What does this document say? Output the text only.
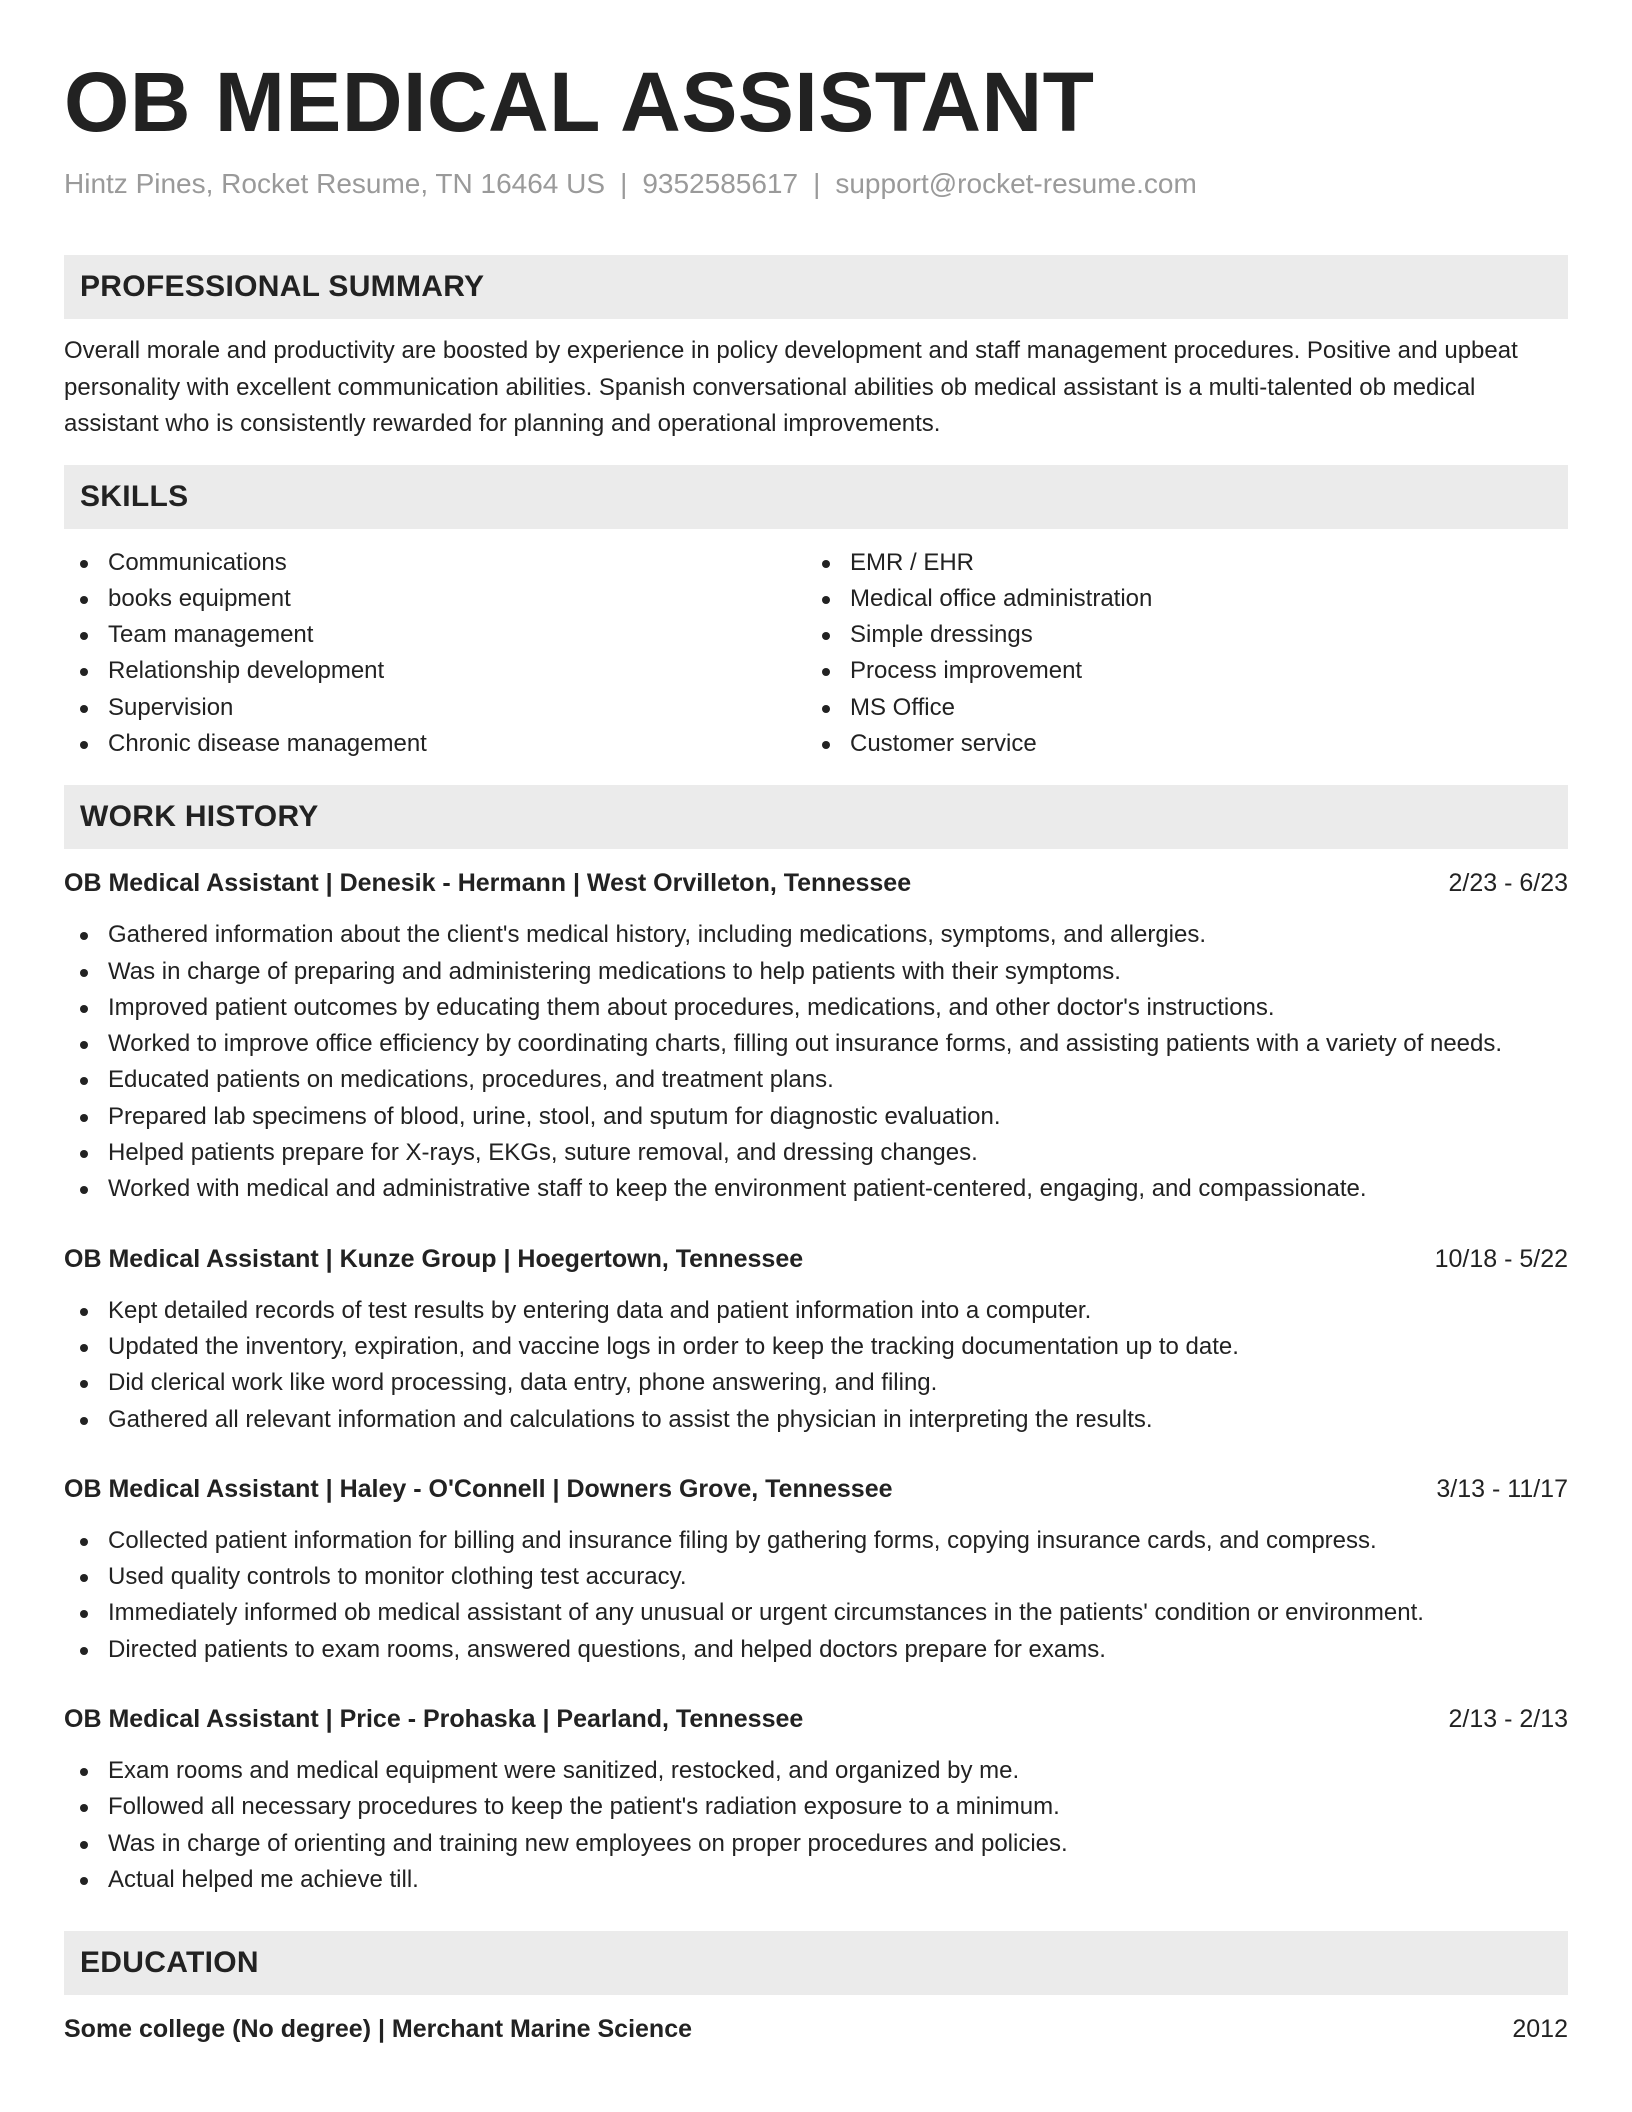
OB MEDICAL ASSISTANT
Hintz Pines, Rocket Resume, TN 16464 US | 9352585617 | support@rocket-resume.com
PROFESSIONAL SUMMARY
Overall morale and productivity are boosted by experience in policy development and staff management procedures. Positive and upbeat personality with excellent communication abilities. Spanish conversational abilities ob medical assistant is a multi-talented ob medical assistant who is consistently rewarded for planning and operational improvements.
SKILLS
Communications
books equipment
Team management
Relationship development
Supervision
Chronic disease management
EMR / EHR
Medical office administration
Simple dressings
Process improvement
MS Office
Customer service
WORK HISTORY
OB Medical Assistant | Denesik - Hermann | West Orvilleton, Tennessee	2/23 - 6/23
Gathered information about the client's medical history, including medications, symptoms, and allergies.
Was in charge of preparing and administering medications to help patients with their symptoms.
Improved patient outcomes by educating them about procedures, medications, and other doctor's instructions.
Worked to improve office efficiency by coordinating charts, filling out insurance forms, and assisting patients with a variety of needs.
Educated patients on medications, procedures, and treatment plans.
Prepared lab specimens of blood, urine, stool, and sputum for diagnostic evaluation.
Helped patients prepare for X-rays, EKGs, suture removal, and dressing changes.
Worked with medical and administrative staff to keep the environment patient-centered, engaging, and compassionate.
OB Medical Assistant | Kunze Group | Hoegertown, Tennessee	10/18 - 5/22
Kept detailed records of test results by entering data and patient information into a computer.
Updated the inventory, expiration, and vaccine logs in order to keep the tracking documentation up to date.
Did clerical work like word processing, data entry, phone answering, and filing.
Gathered all relevant information and calculations to assist the physician in interpreting the results.
OB Medical Assistant | Haley - O'Connell | Downers Grove, Tennessee	3/13 - 11/17
Collected patient information for billing and insurance filing by gathering forms, copying insurance cards, and compress.
Used quality controls to monitor clothing test accuracy.
Immediately informed ob medical assistant of any unusual or urgent circumstances in the patients' condition or environment.
Directed patients to exam rooms, answered questions, and helped doctors prepare for exams.
OB Medical Assistant | Price - Prohaska | Pearland, Tennessee	2/13 - 2/13
Exam rooms and medical equipment were sanitized, restocked, and organized by me.
Followed all necessary procedures to keep the patient's radiation exposure to a minimum.
Was in charge of orienting and training new employees on proper procedures and policies.
Actual helped me achieve till.
EDUCATION
Some college (No degree) | Merchant Marine Science	2012
